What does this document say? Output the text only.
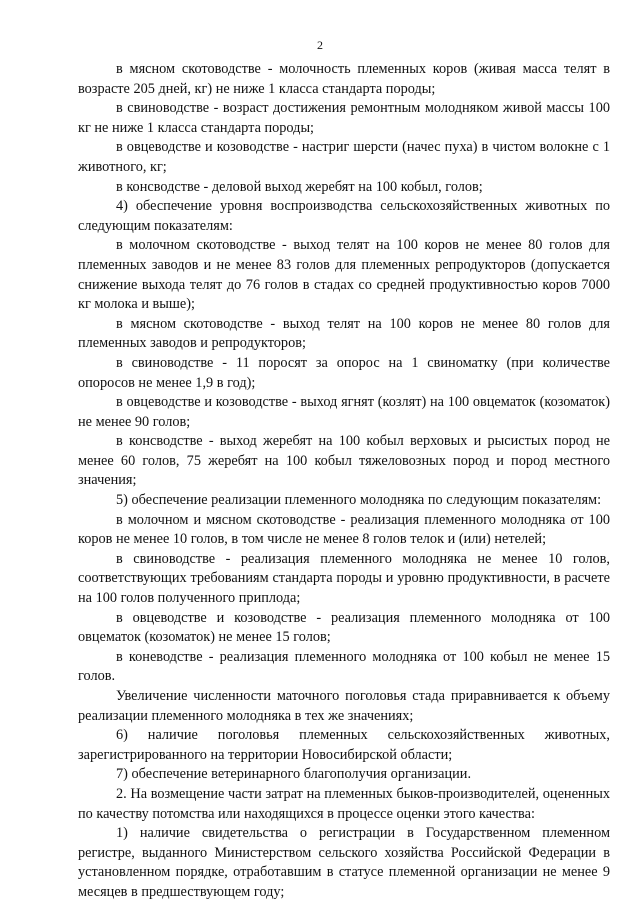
2

в мясном скотоводстве - молочность племенных коров (живая масса телят в возрасте 205 дней, кг) не ниже 1 класса стандарта породы;

в свиноводстве - возраст достижения ремонтным молодняком живой массы 100 кг не ниже 1 класса стандарта породы;

в овцеводстве и козоводстве - настриг шерсти (начес пуха) в чистом волокне с 1 животного, кг;

в консводстве - деловой выход жеребят на 100 кобыл, голов;

4) обеспечение уровня воспроизводства сельскохозяйственных животных по следующим показателям:

в молочном скотоводстве - выход телят на 100 коров не менее 80 голов для племенных заводов и не менее 83 голов для племенных репродукторов (допускается снижение выхода телят до 76 голов в стадах со средней продуктивностью коров 7000 кг молока и выше);

в мясном скотоводстве - выход телят на 100 коров не менее 80 голов для племенных заводов и репродукторов;

в свиноводстве - 11 поросят за опорос на 1 свиноматку (при количестве опоросов не менее 1,9 в год);

в овцеводстве и козоводстве - выход ягнят (козлят) на 100 овцематок (козоматок) не менее 90 голов;

в консводстве - выход жеребят на 100 кобыл верховых и рысистых пород не менее 60 голов, 75 жеребят на 100 кобыл тяжеловозных пород и пород местного значения;

5) обеспечение реализации племенного молодняка по следующим показателям:

в молочном и мясном скотоводстве - реализация племенного молодняка от 100 коров не менее 10 голов, в том числе не менее 8 голов телок и (или) нетелей;

в свиноводстве - реализация племенного молодняка не менее 10 голов, соответствующих требованиям стандарта породы и уровню продуктивности, в расчете на 100 голов полученного приплода;

в овцеводстве и козоводстве - реализация племенного молодняка от 100 овцематок (козоматок) не менее 15 голов;

в коневодстве - реализация племенного молодняка от 100 кобыл не менее 15 голов.

Увеличение численности маточного поголовья стада приравнивается к объему реализации племенного молодняка в тех же значениях;

6) наличие поголовья племенных сельскохозяйственных животных, зарегистрированного на территории Новосибирской области;

7) обеспечение ветеринарного благополучия организации.

2. На возмещение части затрат на племенных быков-производителей, оцененных по качеству потомства или находящихся в процессе оценки этого качества:

1) наличие свидетельства о регистрации в Государственном племенном регистре, выданного Министерством сельского хозяйства Российской Федерации в установленном порядке, отработавшим в статусе племенной организации не менее 9 месяцев в предшествующем году;
